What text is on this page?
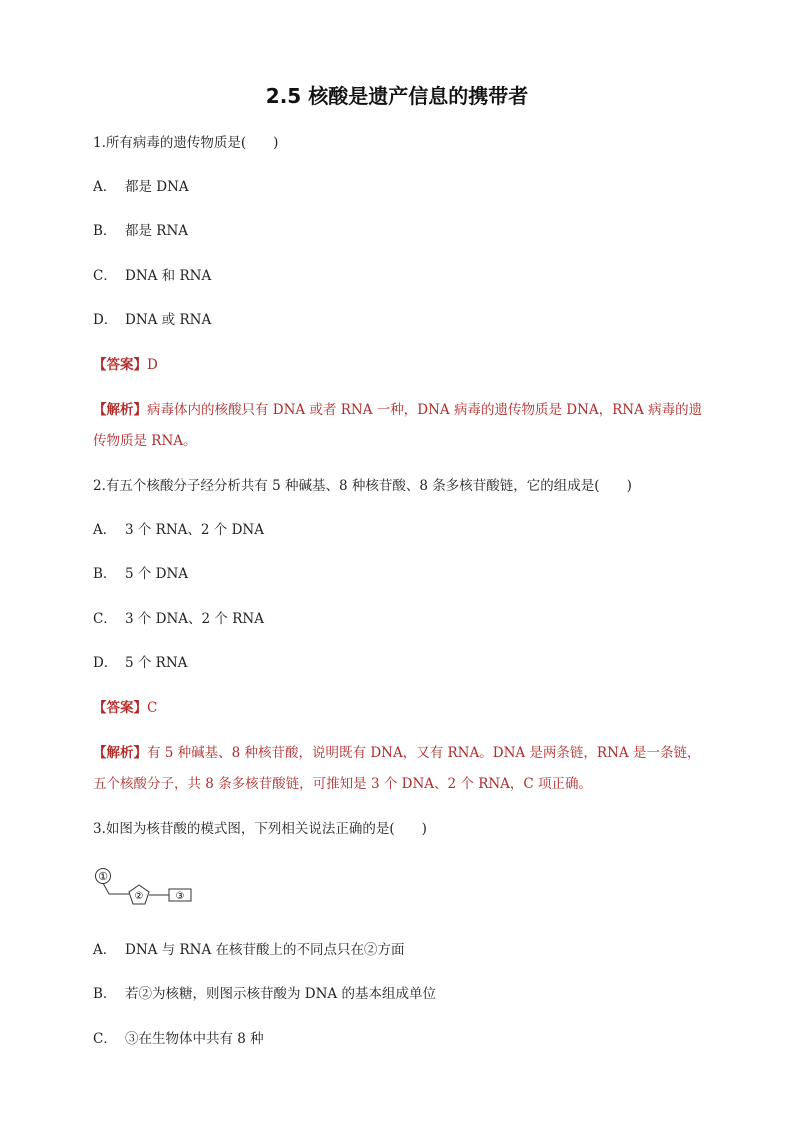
2.5 核酸是遗产信息的携带者
1.所有病毒的遗传物质是(　　)
A． 都是 DNA
B． 都是 RNA
C． DNA 和 RNA
D． DNA 或 RNA
【答案】D
【解析】病毒体内的核酸只有 DNA 或者 RNA 一种，DNA 病毒的遗传物质是 DNA，RNA 病毒的遗传物质是 RNA。
2.有五个核酸分子经分析共有 5 种碱基、8 种核苷酸、8 条多核苷酸链，它的组成是(　　)
A． 3 个 RNA、2 个 DNA
B． 5 个 DNA
C． 3 个 DNA、2 个 RNA
D． 5 个 RNA
【答案】C
【解析】有 5 种碱基、8 种核苷酸，说明既有 DNA，又有 RNA。DNA 是两条链，RNA 是一条链，五个核酸分子，共 8 条多核苷酸链，可推知是 3 个 DNA、2 个 RNA，C 项正确。
3.如图为核苷酸的模式图，下列相关说法正确的是(　　)
①
②	③
A． DNA 与 RNA 在核苷酸上的不同点只在②方面
B． 若②为核糖，则图示核苷酸为 DNA 的基本组成单位
C． ③在生物体中共有 8 种
